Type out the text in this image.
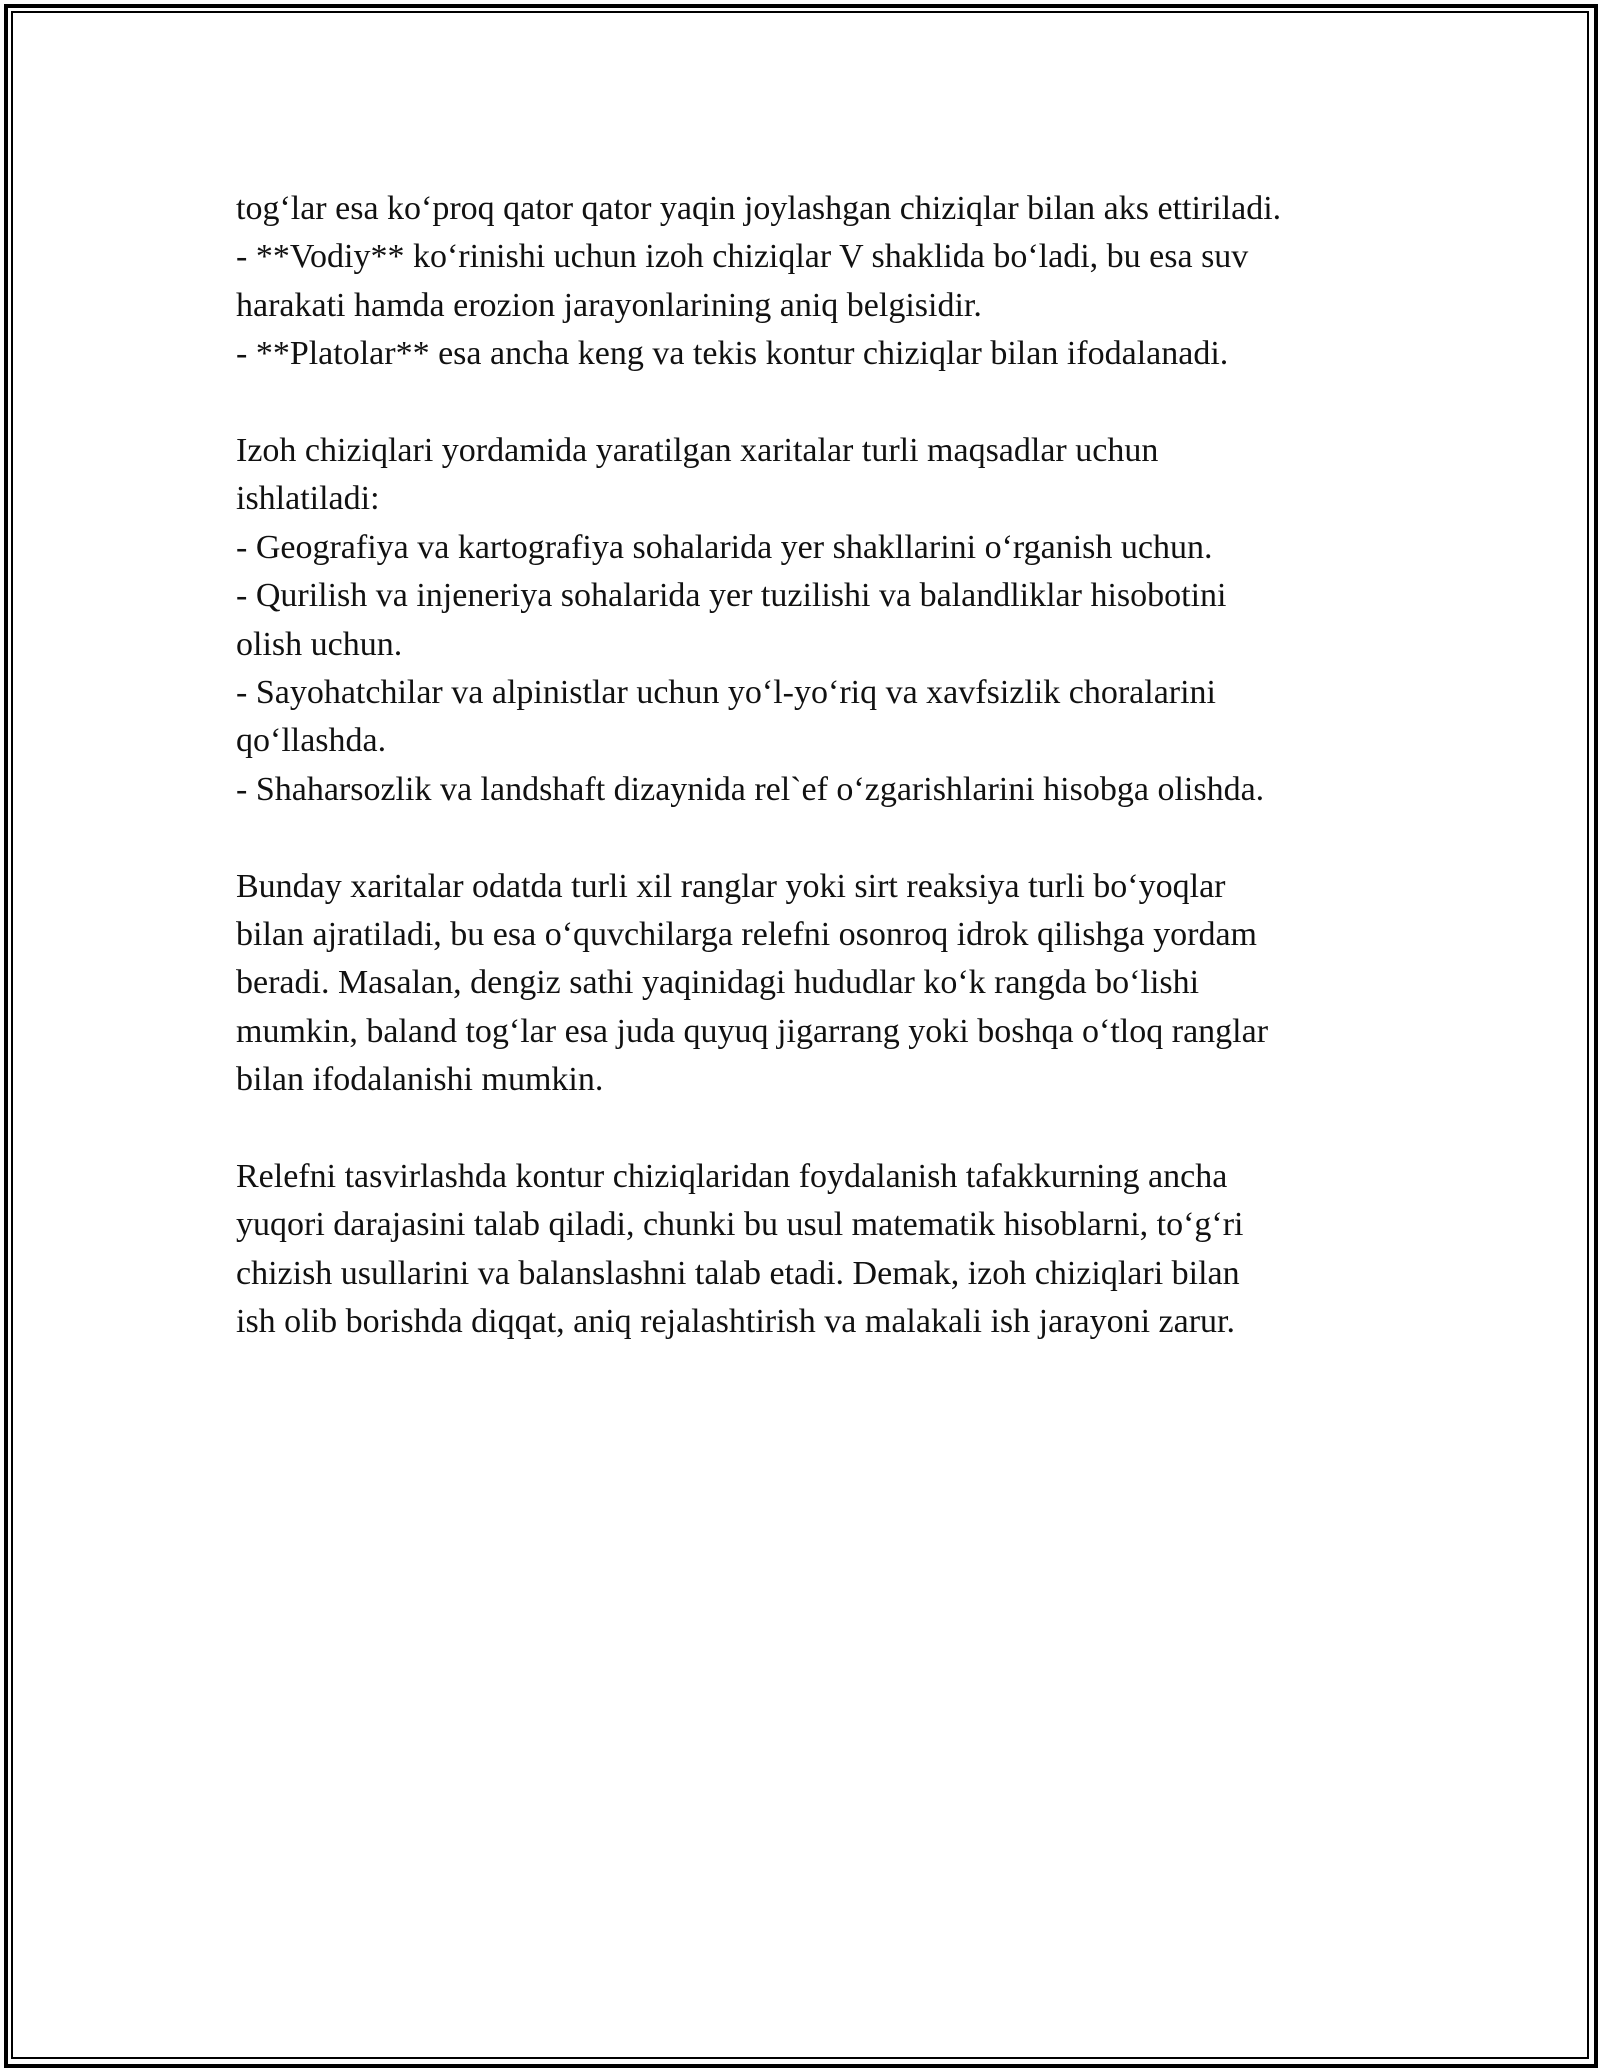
tog‘lar esa ko‘proq qator qator yaqin joylashgan chiziqlar bilan aks ettiriladi.
- **Vodiy** ko‘rinishi uchun izoh chiziqlar V shaklida bo‘ladi, bu esa suv
harakati hamda erozion jarayonlarining aniq belgisidir.
- **Platolar** esa ancha keng va tekis kontur chiziqlar bilan ifodalanadi.
Izoh chiziqlari yordamida yaratilgan xaritalar turli maqsadlar uchun
ishlatiladi:
- Geografiya va kartografiya sohalarida yer shakllarini o‘rganish uchun.
- Qurilish va injeneriya sohalarida yer tuzilishi va balandliklar hisobotini
olish uchun.
- Sayohatchilar va alpinistlar uchun yo‘l-yo‘riq va xavfsizlik choralarini
qo‘llashda.
- Shaharsozlik va landshaft dizaynida rel`ef o‘zgarishlarini hisobga olishda.
Bunday xaritalar odatda turli xil ranglar yoki sirt reaksiya turli bo‘yoqlar
bilan ajratiladi, bu esa o‘quvchilarga relefni osonroq idrok qilishga yordam
beradi. Masalan, dengiz sathi yaqinidagi hududlar ko‘k rangda bo‘lishi
mumkin, baland tog‘lar esa juda quyuq jigarrang yoki boshqa o‘tloq ranglar
bilan ifodalanishi mumkin.
Relefni tasvirlashda kontur chiziqlaridan foydalanish tafakkurning ancha
yuqori darajasini talab qiladi, chunki bu usul matematik hisoblarni, to‘g‘ri
chizish usullarini va balanslashni talab etadi. Demak, izoh chiziqlari bilan
ish olib borishda diqqat, aniq rejalashtirish va malakali ish jarayoni zarur.
